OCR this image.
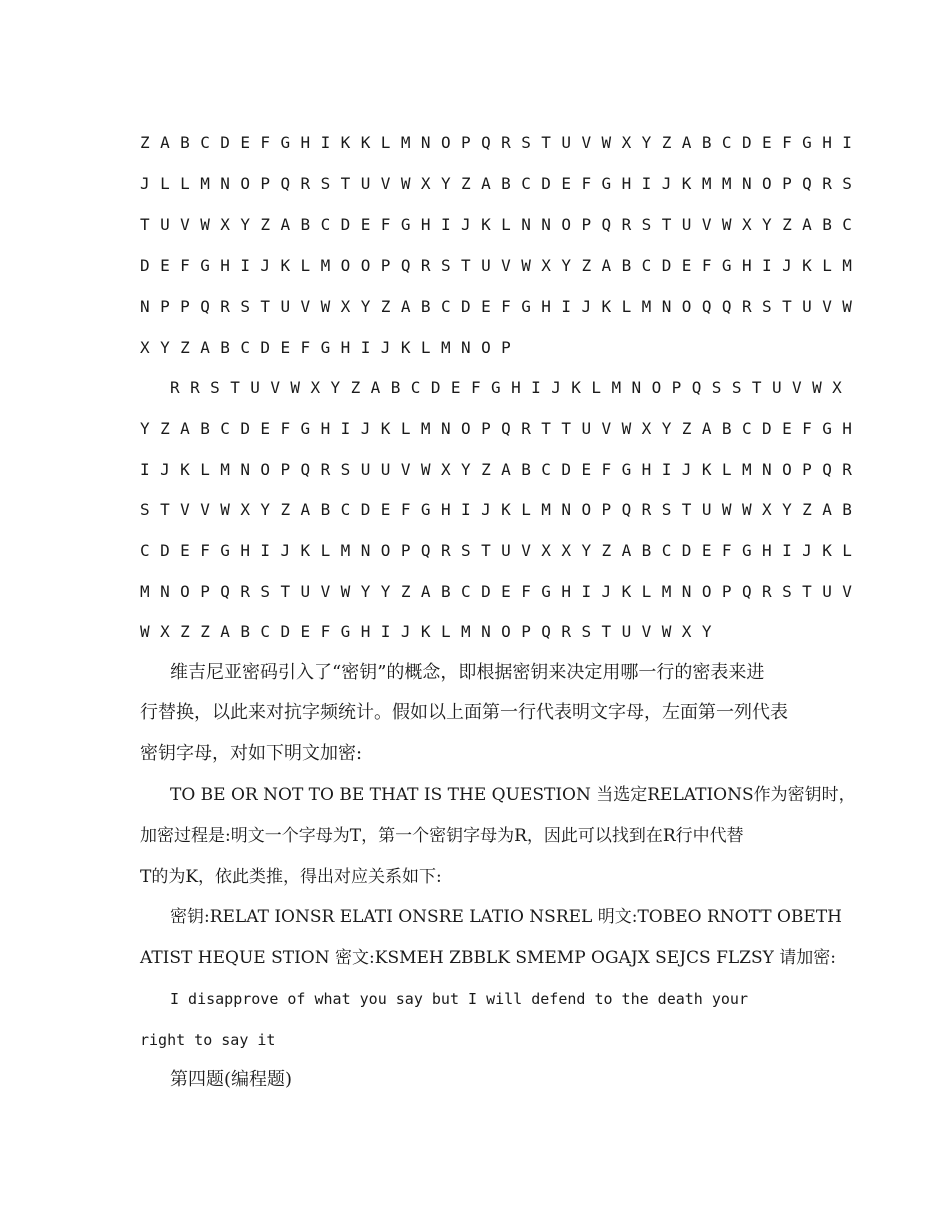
Z A B C D E F G H I K K L M N O P Q R S T U V W X Y Z A B C D E F G H I
J L L M N O P Q R S T U V W X Y Z A B C D E F G H I J K M M N O P Q R S
T U V W X Y Z A B C D E F G H I J K L N N O P Q R S T U V W X Y Z A B C
D E F G H I J K L M O O P Q R S T U V W X Y Z A B C D E F G H I J K L M
N P P Q R S T U V W X Y Z A B C D E F G H I J K L M N O Q Q R S T U V W
X Y Z A B C D E F G H I J K L M N O P
R R S T U V W X Y Z A B C D E F G H I J K L M N O P Q S S T U V W X
Y Z A B C D E F G H I J K L M N O P Q R T T U V W X Y Z A B C D E F G H
I J K L M N O P Q R S U U V W X Y Z A B C D E F G H I J K L M N O P Q R
S T V V W X Y Z A B C D E F G H I J K L M N O P Q R S T U W W X Y Z A B
C D E F G H I J K L M N O P Q R S T U V X X Y Z A B C D E F G H I J K L
M N O P Q R S T U V W Y Y Z A B C D E F G H I J K L M N O P Q R S T U V
W X Z Z A B C D E F G H I J K L M N O P Q R S T U V W X Y
维吉尼亚密码引入了“密钥”的概念，即根据密钥来决定用哪一行的密表来进
行替换，以此来对抗字频统计。假如以上面第一行代表明文字母，左面第一列代表
密钥字母，对如下明文加密:
TO BE OR NOT TO BE THAT IS THE QUESTION 当选定RELATIONS作为密钥时，
加密过程是:明文一个字母为T，第一个密钥字母为R，因此可以找到在R行中代替
T的为K，依此类推，得出对应关系如下:
密钥:RELAT IONSR ELATI ONSRE LATIO NSREL 明文:TOBEO RNOTT OBETH
ATIST HEQUE STION 密文:KSMEH ZBBLK SMEMP OGAJX SEJCS FLZSY 请加密:
I disapprove of what you say but I will defend to the death your
right to say it
第四题(编程题)
